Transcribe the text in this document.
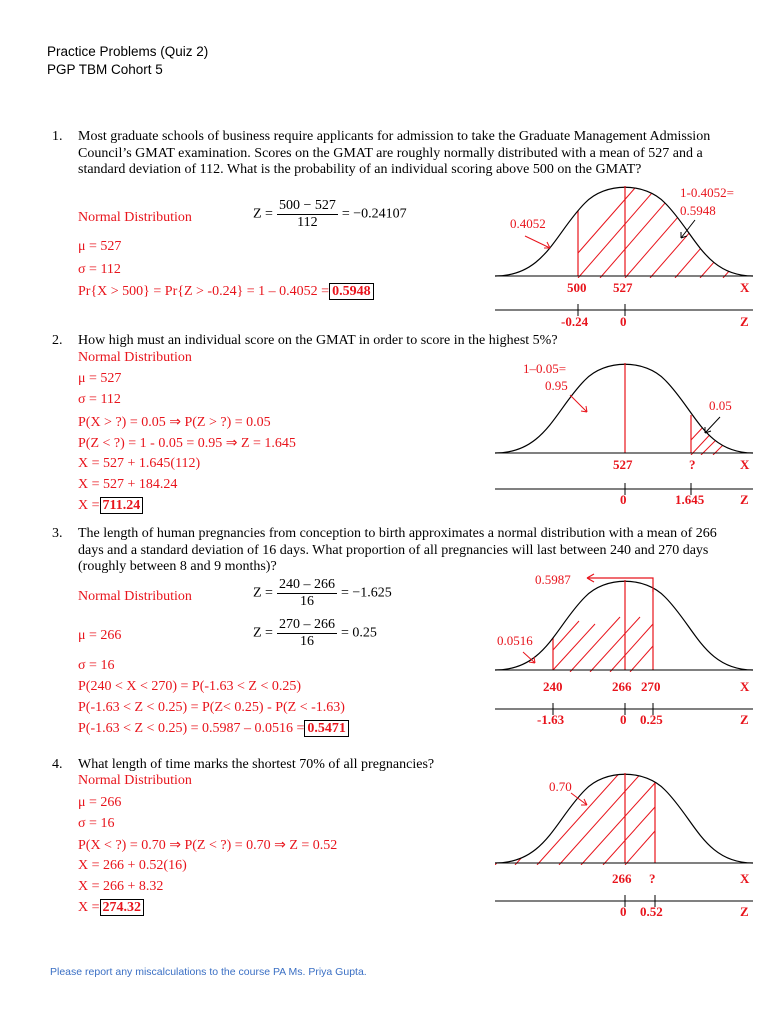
Practice Problems (Quiz 2)
PGP TBM Cohort 5
1. Most graduate schools of business require applicants for admission to take the Graduate Management Admission Council’s GMAT examination. Scores on the GMAT are roughly normally distributed with a mean of 527 and a standard deviation of 112. What is the probability of an individual scoring above 500 on the GMAT?
Normal Distribution	$Z = \frac{500 - 527}{112} = -0.24107$
μ = 527
σ = 112
Pr{X > 500} = Pr{Z > -0.24} = 1 – 0.4052 = 0.5948
0.4052
1-0.4052=
0.5948
500 527	X
-0.24 0	Z
2. How high must an individual score on the GMAT in order to score in the highest 5%?
Normal Distribution
μ = 527
σ = 112
P(X > ?) = 0.05 ⇒ P(Z > ?) = 0.05
P(Z < ?) = 1 - 0.05 = 0.95 ⇒ Z = 1.645
X = 527 + 1.645(112)
X = 527 + 184.24
X = 711.24
1–0.05=
0.95
0.05
527	?	X
0	1.645	Z
3. The length of human pregnancies from conception to birth approximates a normal distribution with a mean of 266 days and a standard deviation of 16 days. What proportion of all pregnancies will last between 240 and 270 days (roughly between 8 and 9 months)?
Normal Distribution	$Z = \frac{240 - 266}{16} = -1.625$
$Z = \frac{270 - 266}{16} = 0.25$
μ = 266
σ = 16
P(240 < X < 270) = P(-1.63 < Z < 0.25)
P(-1.63 < Z < 0.25) = P(Z< 0.25) - P(Z < -1.63)
P(-1.63 < Z < 0.25) = 0.5987 – 0.0516 = 0.5471
0.5987
0.0516
240	266 270	X
-1.63	0 0.25	Z
4. What length of time marks the shortest 70% of all pregnancies?
Normal Distribution
μ = 266
σ = 16
P(X < ?) = 0.70 ⇒ P(Z < ?) = 0.70 ⇒ Z = 0.52
X = 266 + 0.52(16)
X = 266 + 8.32
X = 274.32
0.70
266 ?	X
0 0.52	Z
Please report any miscalculations to the course PA Ms. Priya Gupta.
